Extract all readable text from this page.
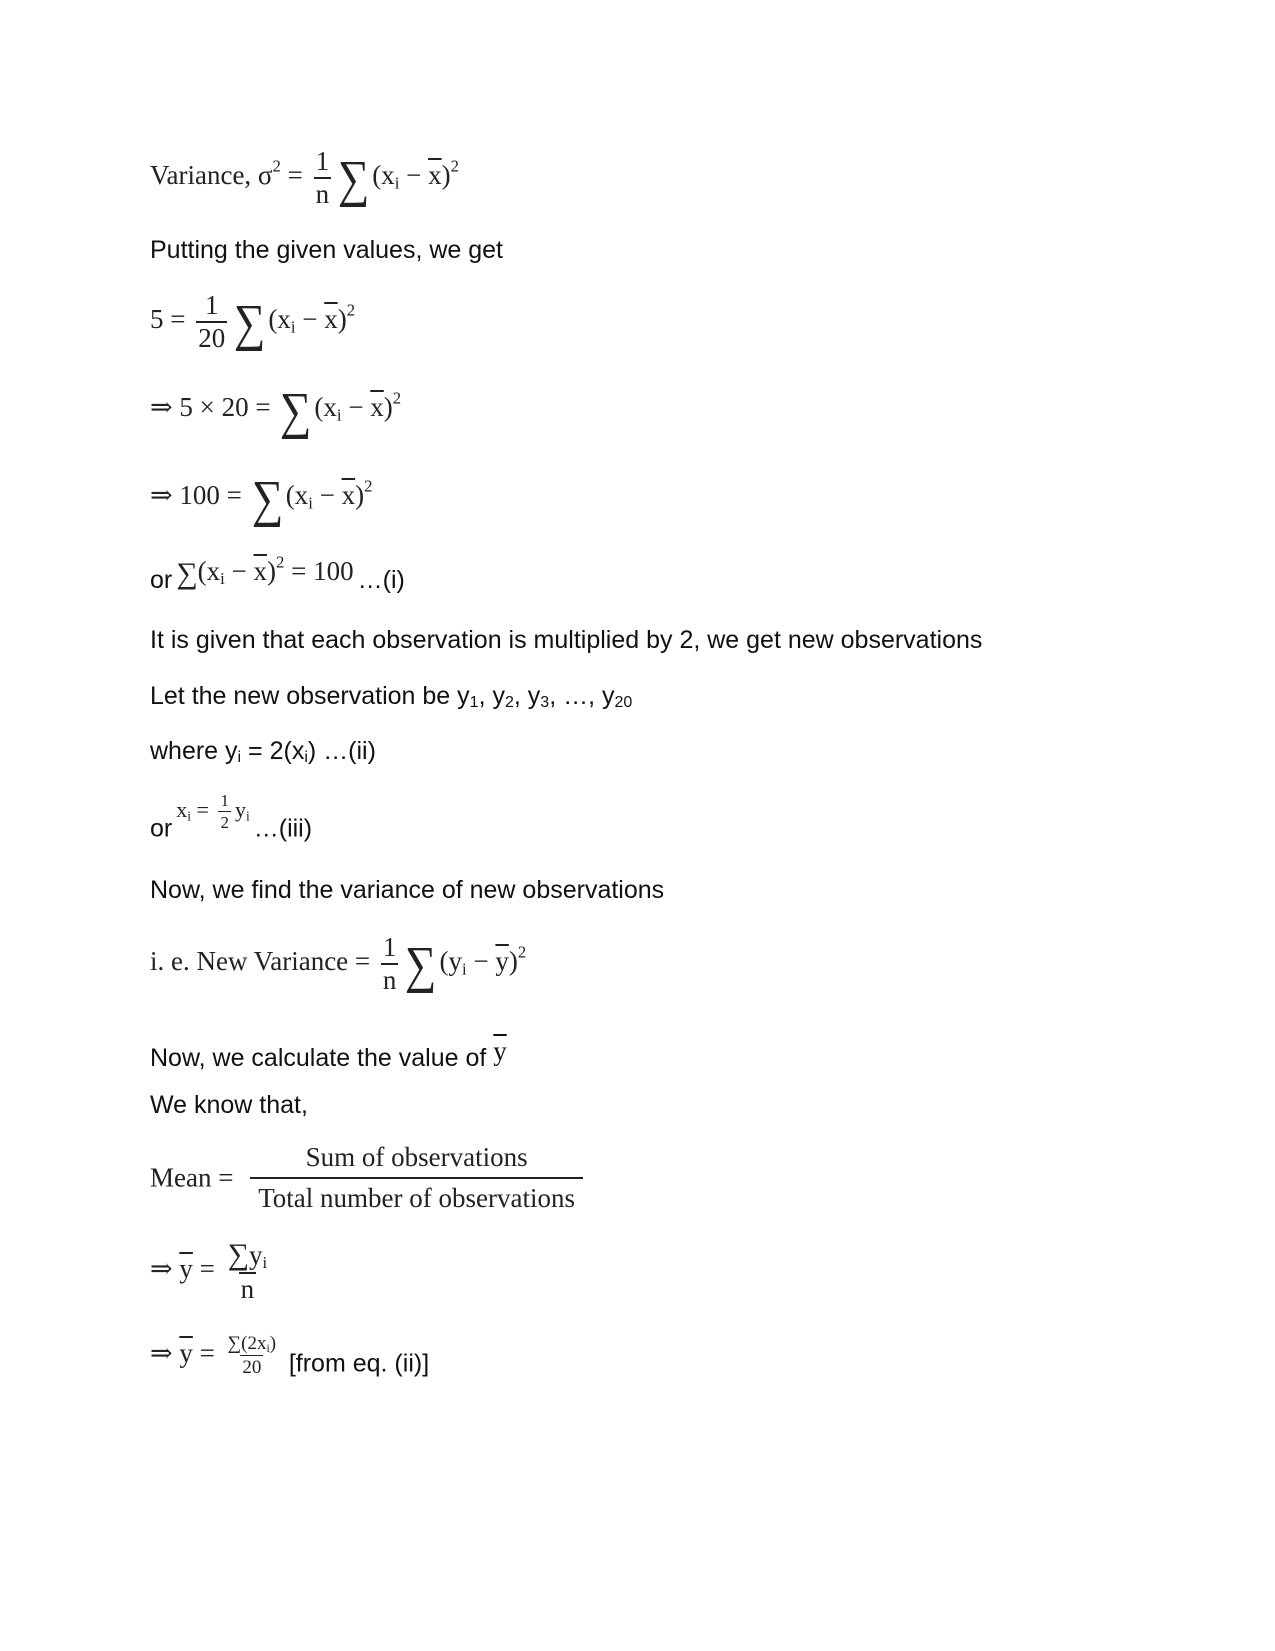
Variance, $\sigma^2 = \frac{1}{n}$ ∑ $(x_i - \overline{x})^2$
Putting the given values, we get
$5 = \frac{1}{20}$ ∑ $(x_i - \overline{x})^2$
⇒ 5 × 20 = ∑ $(x_i - \overline{x})^2$
⇒ 100 = ∑ $(x_i - \overline{x})^2$
or $\sum(x_i - \overline{x})^2 = 100$ …(i)
It is given that each observation is multiplied by 2, we get new observations
Let the new observation be y1, y2, y3, …, y20
where yi = 2(xi) …(ii)
or $x_i = \frac{1}{2} y_i$ …(iii)
Now, we find the variance of new observations
i. e. New Variance = $\frac{1}{n}$ ∑ $(y_i - \overline{y})^2$
Now, we calculate the value of $\overline{y}$
We know that,
Mean = $\frac{\text{Sum of observations}}{\text{Total number of observations}}$
⇒ $\overline{y} = \frac{\sum y_i}{n}$
⇒ $\overline{y} = \frac{\sum(2x_i)}{20}$ [from eq. (ii)]
